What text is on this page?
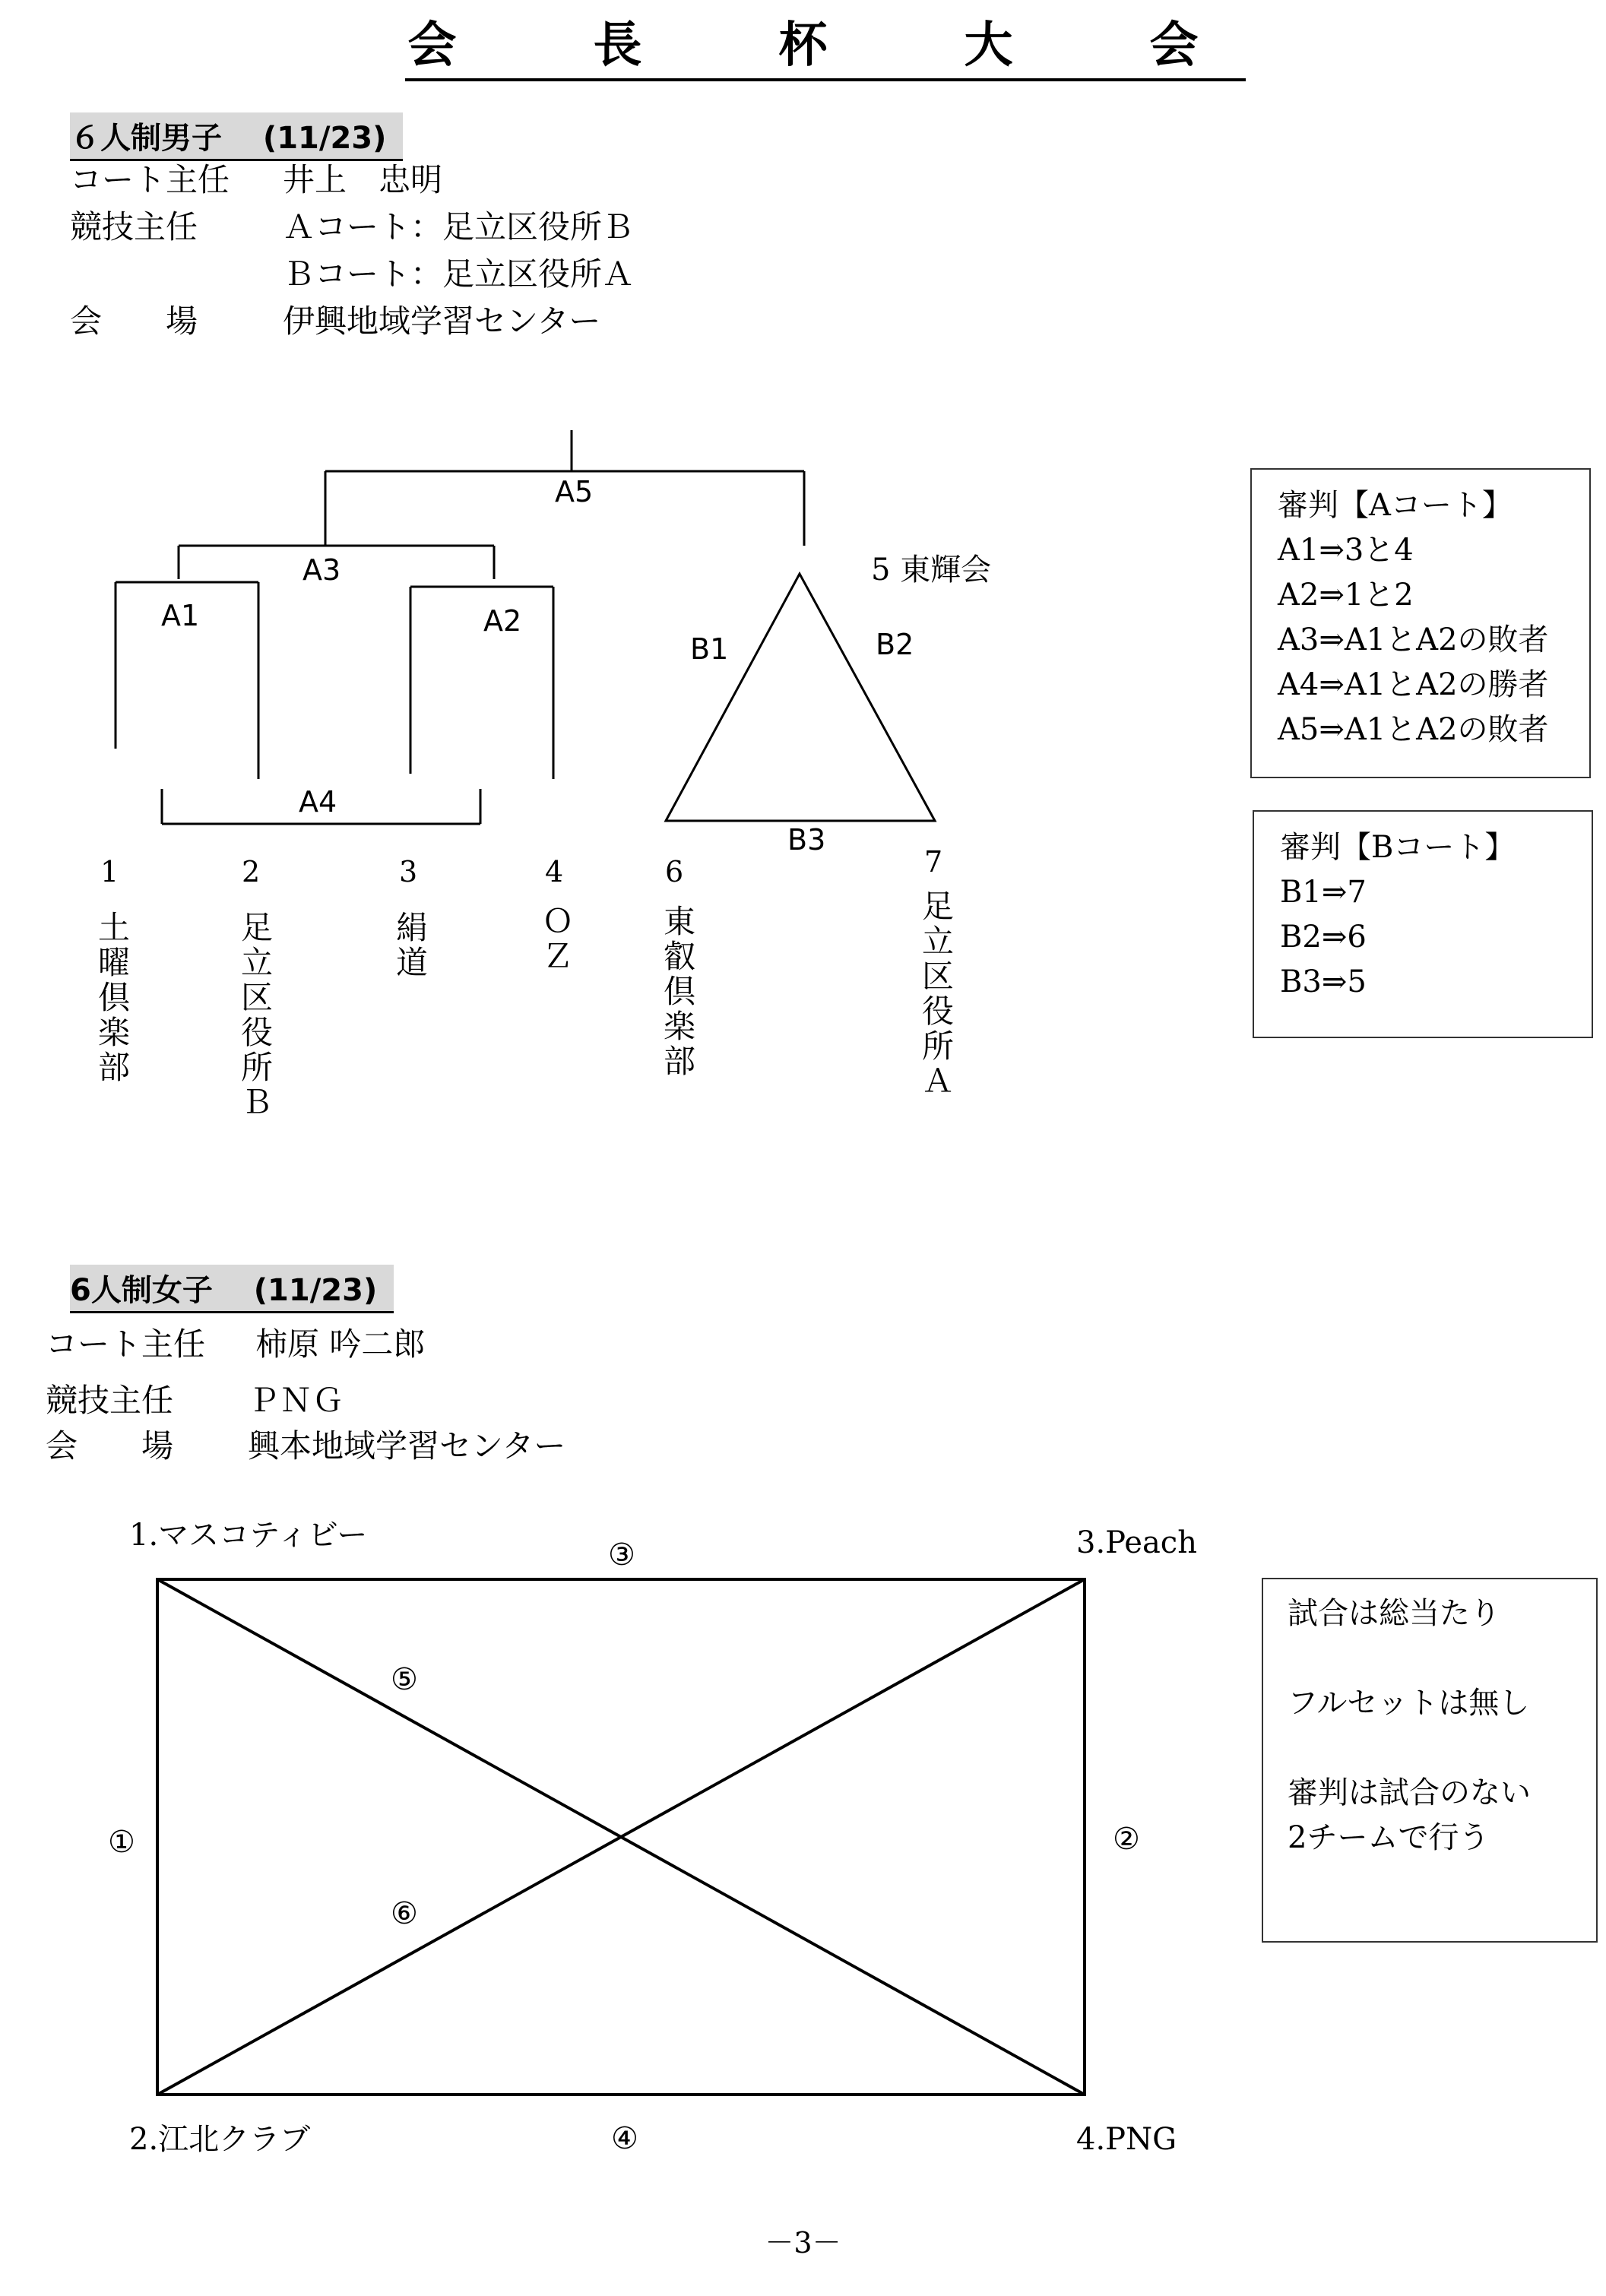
会　長　杯　大　会
６人制男子　 (11/23)
コート主任 井上　忠明
競技主任	Ａコート：足立区役所Ｂ
Ｂコート：足立区役所Ａ
会　　場	伊興地域学習センター
A5
A3
A1	A2
A4
B1	B2
B3
5 東輝会
1	2	3	4	6	7
土曜倶楽部	足立区役所Ｂ	絹道	ＯＺ	東叡倶楽部	足立区役所Ａ
審判【Aコート】
A1⇒3と4
A2⇒1と2
A3⇒A1とA2の敗者
A4⇒A1とA2の勝者
A5⇒A1とA2の敗者
審判【Bコート】
B1⇒7
B2⇒6
B3⇒5
6人制女子　 (11/23)
コート主任 柿原 吟二郎
競技主任 ＰＮＧ
会　　場 興本地域学習センター
1.マスコティビー	3.Peach
2.江北クラブ	4.PNG
③
⑤
①	②
⑥
④
試合は総当たり
フルセットは無し
審判は試合のない
2チームで行う
－3－
